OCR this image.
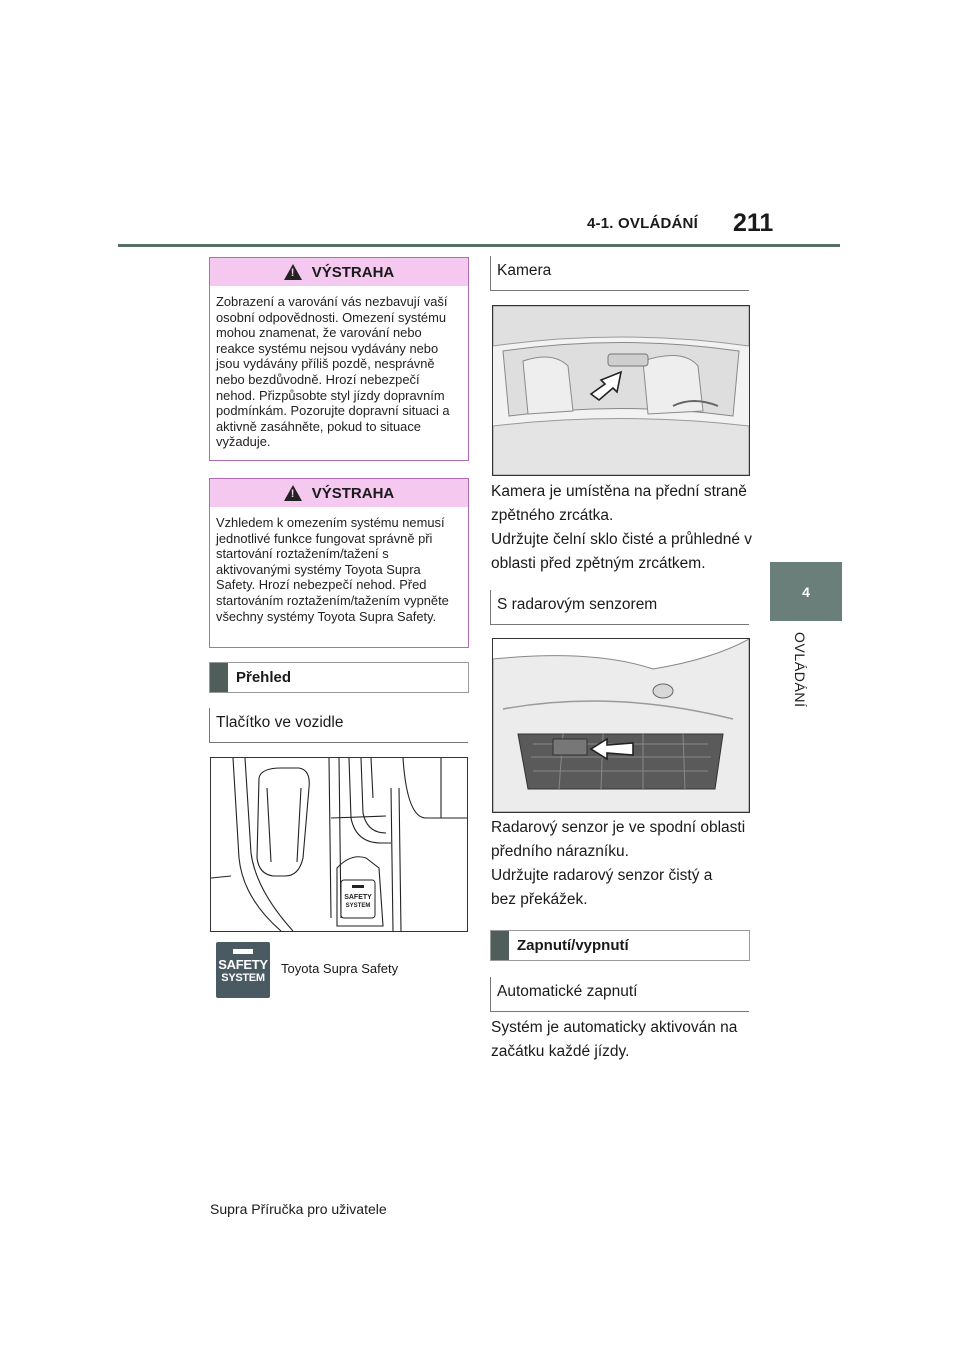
4-1. OVLÁDÁNÍ 211
4
OVLÁDÁNÍ
! VÝSTRAHA
Zobrazení a varování vás nezbavují vaší osobní odpovědnosti. Omezení systému mohou znamenat, že varování nebo reakce systému nejsou vydávány nebo jsou vydávány příliš pozdě, nesprávně nebo bezdůvodně. Hrozí nebezpečí nehod. Přizpůsobte styl jízdy dopravním podmínkám. Pozorujte dopravní situaci a aktivně zasáhněte, pokud to situace vyžaduje.
! VÝSTRAHA
Vzhledem k omezením systému nemusí jednotlivé funkce fungovat správně při startování roztažením/tažení s aktivovanými systémy Toyota Supra Safety. Hrozí nebezpečí nehod. Před startováním roztažením/tažením vypněte všechny systémy Toyota Supra Safety.
Přehled
Tlačítko ve vozidle
SAFETY
SYSTEM
SAFETY
SYSTEM
Toyota Supra Safety
Kamera
Kamera je umístěna na přední straně zpětného zrcátka.
Udržujte čelní sklo čisté a průhledné v oblasti před zpětným zrcátkem.
S radarovým senzorem
Radarový senzor je ve spodní oblasti předního nárazníku.
Udržujte radarový senzor čistý a bez překážek.
Zapnutí/vypnutí
Automatické zapnutí
Systém je automaticky aktivován na začátku každé jízdy.
Supra Příručka pro uživatele
